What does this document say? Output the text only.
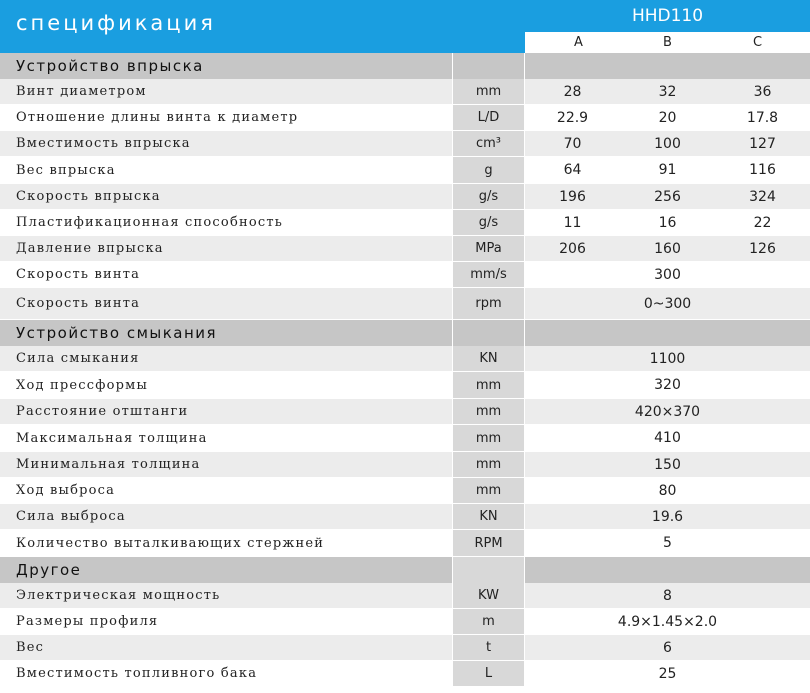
спецификация	HHD110
A	B	C
Устройство впрыска
Винт диаметром	mm	28	32	36
Отношение длины винта к диаметр	L/D	22.9	20	17.8
Вместимость впрыска	cm³	70	100	127
Вес впрыска	g	64	91	116
Скорость впрыска	g/s	196	256	324
Пластификационная способность	g/s	11	16	22
Давление впрыска	MPa	206	160	126
Скорость винта	mm/s	300
Скорость винта	rpm	0~300
Устройство смыкания
Сила смыкания	KN	1100
Ход прессформы	mm	320
Расстояние отштанги	mm	420×370
Максимальная толщина	mm	410
Минимальная толщина	mm	150
Ход выброса	mm	80
Сила выброса	KN	19.6
Количество выталкивающих стержней	RPM	5
Другое
Электрическая мощность	KW	8
Размеры профиля	m	4.9×1.45×2.0
Вес	t	6
Вместимость топливного бака	L	25
